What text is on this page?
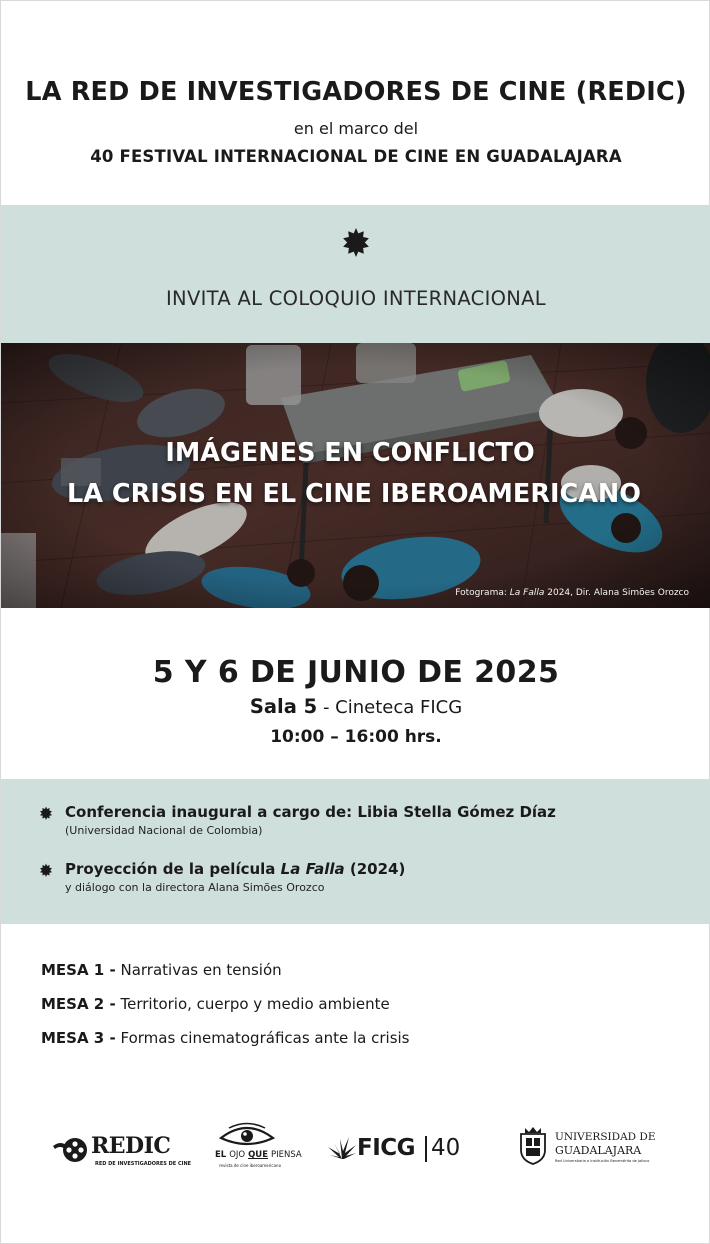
LA RED DE INVESTIGADORES DE CINE (REDIC)
en el marco del
40 FESTIVAL INTERNACIONAL DE CINE EN GUADALAJARA
INVITA AL COLOQUIO INTERNACIONAL
IMÁGENES EN CONFLICTO
LA CRISIS EN EL CINE IBEROAMERICANO
Fotograma: La Falla 2024, Dir. Alana Simões Orozco
5 Y 6 DE JUNIO DE 2025
Sala 5 - Cineteca FICG
10:00 – 16:00 hrs.
Conferencia inaugural a cargo de: Libia Stella Gómez Díaz
(Universidad Nacional de Colombia)
Proyección de la película La Falla (2024)
y diálogo con la directora Alana Simões Orozco
MESA 1 - Narrativas en tensión
MESA 2 - Territorio, cuerpo y medio ambiente
MESA 3 - Formas cinematográficas ante la crisis
REDIC
RED DE INVESTIGADORES DE CINE
EL OJO QUE PIENSA
revista de cine iberoamericano
FICG 40	UNIVERSIDAD DE
GUADALAJARA
Red Universitaria e Institución Benemérita de Jalisco
